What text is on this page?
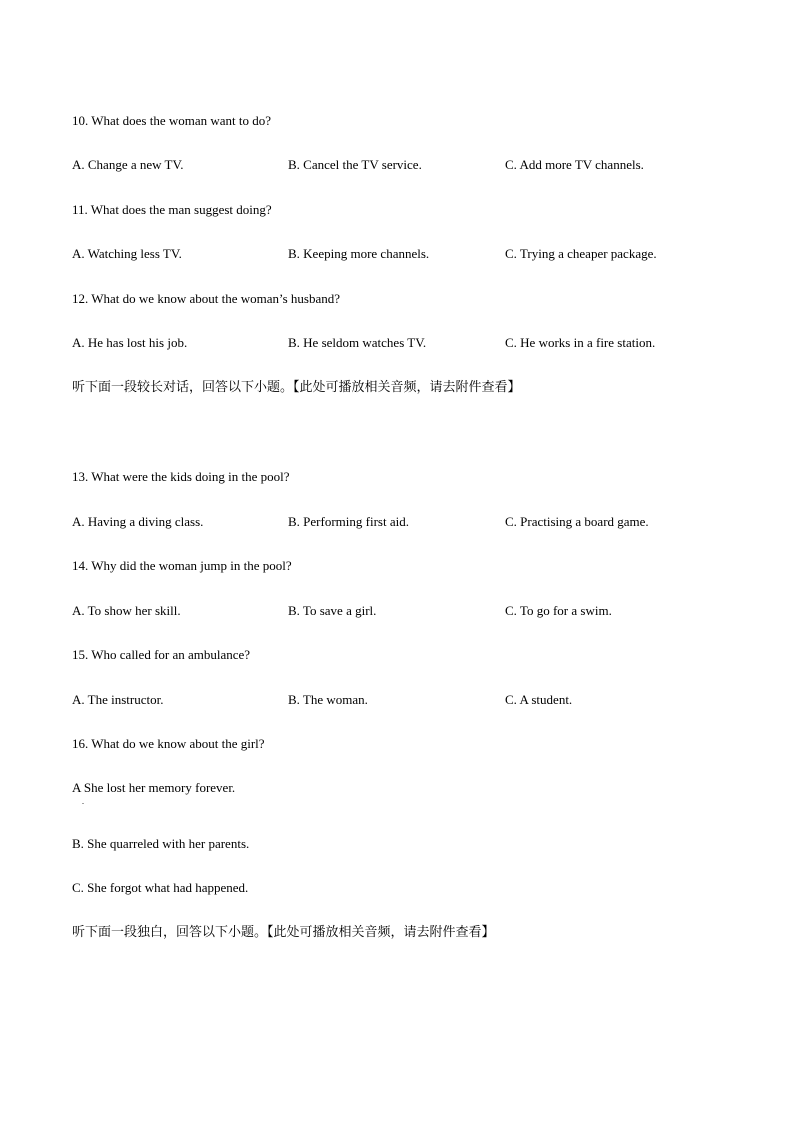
10. What does the woman want to do?
A. Change a new TV.	B. Cancel the TV service.	C. Add more TV channels.
11. What does the man suggest doing?
A. Watching less TV.	B. Keeping more channels.	C. Trying a cheaper package.
12. What do we know about the woman’s husband?
A. He has lost his job.	B. He seldom watches TV.	C. He works in a fire station.
听下面一段较长对话，回答以下小题。【此处可播放相关音频，请去附件查看】
13. What were the kids doing in the pool?
A. Having a diving class.	B. Performing first aid.	C. Practising a board game.
14. Why did the woman jump in the pool?
A. To show her skill.	B. To save a girl.	C. To go for a swim.
15. Who called for an ambulance?
A. The instructor.	B. The woman.	C. A student.
16. What do we know about the girl?
A She lost her memory forever.
.
B. She quarreled with her parents.
C. She forgot what had happened.
听下面一段独白，回答以下小题。【此处可播放相关音频，请去附件查看】
